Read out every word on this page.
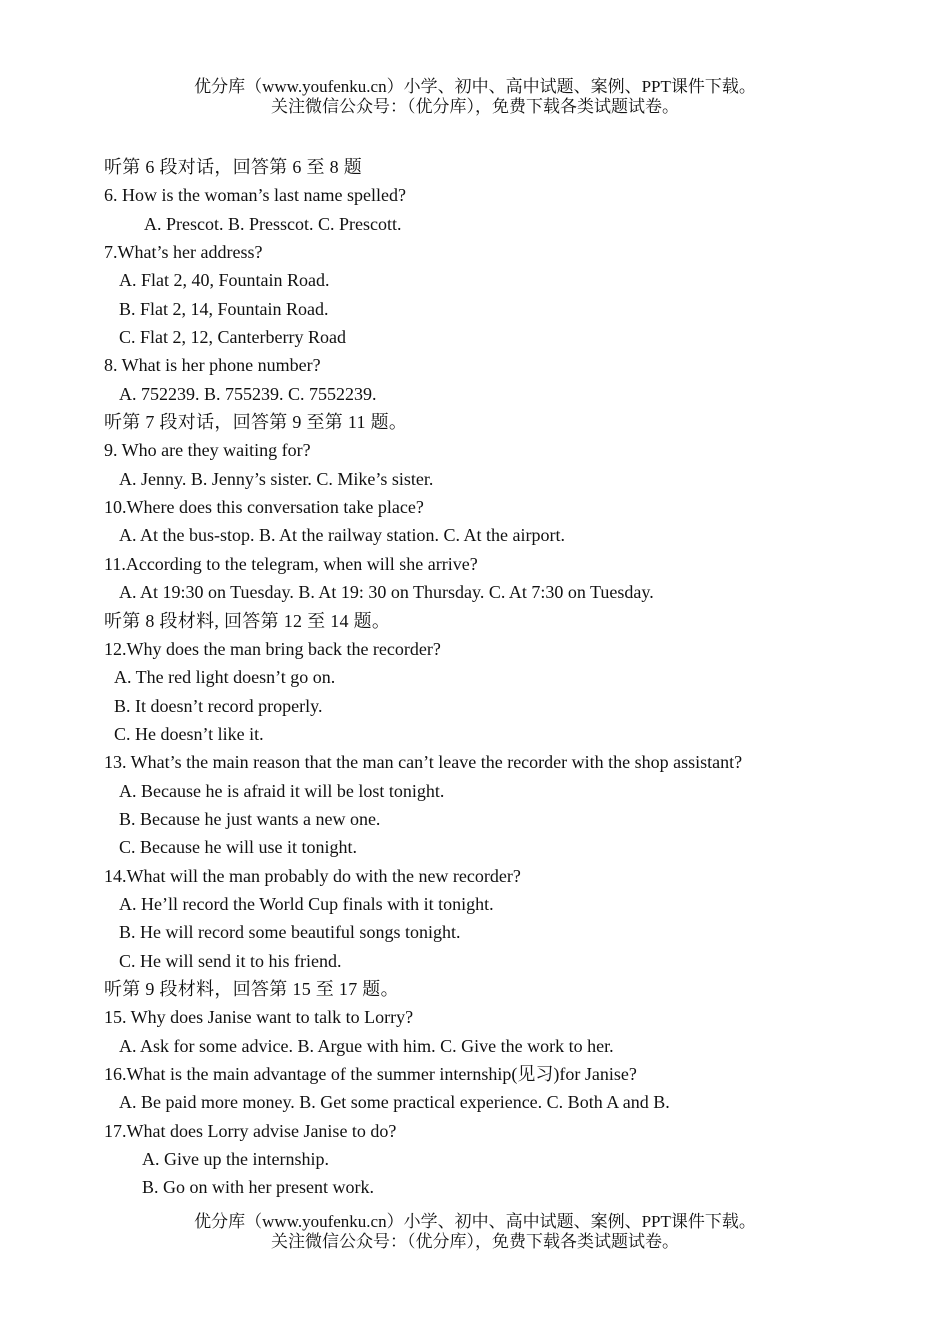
优分库（www.youfenku.cn）小学、初中、高中试题、案例、PPT课件下载。
关注微信公众号：（优分库），免费下载各类试题试卷。
听第 6 段对话，回答第 6 至 8 题
6. How is the woman’s last name spelled?
A. Prescot. B. Presscot. C. Prescott.
7.What’s her address?
A. Flat 2, 40, Fountain Road.
B. Flat 2, 14, Fountain Road.
C. Flat 2, 12, Canterberry Road
8. What is her phone number?
A. 752239. B. 755239. C. 7552239.
听第 7 段对话，回答第 9 至第 11 题。
9. Who are they waiting for?
A. Jenny. B. Jenny’s sister. C. Mike’s sister.
10.Where does this conversation take place?
A. At the bus-stop. B. At the railway station. C. At the airport.
11.According to the telegram, when will she arrive?
A. At 19:30 on Tuesday. B. At 19: 30 on Thursday. C. At 7:30 on Tuesday.
听第 8 段材料, 回答第 12 至 14 题。
12.Why does the man bring back the recorder?
A. The red light doesn’t go on.
B. It doesn’t record properly.
C. He doesn’t like it.
13. What’s the main reason that the man can’t leave the recorder with the shop assistant?
A. Because he is afraid it will be lost tonight.
B. Because he just wants a new one.
C. Because he will use it tonight.
14.What will the man probably do with the new recorder?
A. He’ll record the World Cup finals with it tonight.
B. He will record some beautiful songs tonight.
C. He will send it to his friend.
听第 9 段材料，回答第 15 至 17 题。
15. Why does Janise want to talk to Lorry?
A. Ask for some advice. B. Argue with him. C. Give the work to her.
16.What is the main advantage of the summer internship(见习)for Janise?
A. Be paid more money. B. Get some practical experience. C. Both A and B.
17.What does Lorry advise Janise to do?
A. Give up the internship.
B. Go on with her present work.
优分库（www.youfenku.cn）小学、初中、高中试题、案例、PPT课件下载。
关注微信公众号：（优分库），免费下载各类试题试卷。
